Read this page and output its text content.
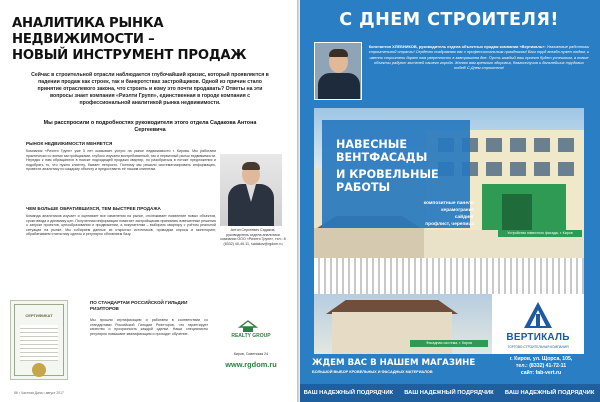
АНАЛИТИКА РЫНКА НЕДВИЖИМОСТИ –
НОВЫЙ ИНСТРУМЕНТ ПРОДАЖ
Сейчас в строительной отрасли наблюдается глубочайший кризис, который проявляется в падении продаж как строек, так и банкротствах застройщиков. Одной из причин стало принятие отраслевого закона, что строить и кому это почти продавать? Ответы на эти вопросы знает компания «Риэлти Групп», единственная в городе компания с профессиональной аналитикой рынка недвижимости.
Мы расспросили о подробностях руководителя этого отдела Садакова Антона Сергеевича
РЫНОК НЕДВИЖИМОСТИ МЕНЯЕТСЯ
Компания «Риэлти Групп» уже 5 лет оказывает услуги на рынке недвижимости г. Кирова. Мы работаем практически со всеми застройщиками, глубоко изучаем востребованный, так и первичный рынок недвижимости. Нередко к нам обращаются в поиске подходящей продажи квартир, но разобраться в потоке предложения и подобрать то, что нужно клиенту, бывает непросто. Поэтому мы решили систематизировать информацию, провести аналитику по каждому объекту и предоставить её нашим клиентам.
Антон Сергеевич Садаков, руководитель отдела аналитики компании ООО «Риэлти Групп», тел.: 8 (8332) 40-40-11, sadakov@rgdom.ru
ЧЕМ БОЛЬШЕ ОБРАТИВШИХСЯ, ТЕМ БЫСТРЕЕ ПРОДАЖА
Команда аналитиков изучает и оценивает все изменения на рынке, отслеживает появление новых объектов, сроки ввода и динамику цен. Полученная информация помогает застройщикам принимать взвешенные решения о запуске проектов, ценообразовании и продвижении, а покупателям – выбирать квартиру с учётом реальной ситуации на рынке. Мы собираем данные из открытых источников, проводим опросы и мониторинг, обрабатываем статистику сделок и регулярно обновляем базу.
ПО СТАНДАРТАМ РОССИЙСКОЙ ГИЛЬДИИ РИЭЛТОРОВ
Мы прошли сертификацию и работаем в соответствии со стандартами Российской Гильдии Риэлторов, что гарантирует качество и прозрачность каждой сделки. Наши специалисты регулярно повышают квалификацию и проходят обучение.
СЕРТИФИКАТ
REALTY GROUP
Киров, Советская 24
www.rgdom.ru
56 • Частная Дача • август 2017
С ДНЕМ СТРОИТЕЛЯ!
Константин ХЛЕБНИКОВ, руководитель отдела объектных продаж компании «Вертикаль»: Уважаемые работники строительной отрасли! Сердечно поздравляю вас с профессиональным праздником! Ваш труд всегда нужен людям, и именно строители дарят нам уверенность в завтрашнем дне. Пусть каждый ваш проект будет успешным, а новые объекты радуют жителей нашего города. Желаю вам крепкого здоровья, благополучия и дальнейших трудовых побед! С Днем строителя!
НАВЕСНЫЕ
ВЕНТФАСАДЫ
И КРОВЕЛЬНЫЕ
РАБОТЫ
композитные панели
керамогранит
сайдинг
профлист, черепица
Устройство навесного фасада, г. Киров
Фасадная система, г. Киров	ВЕРТИКАЛЬ
ТОРГОВО-СТРОИТЕЛЬНАЯ КОМПАНИЯ
ЖДЕМ ВАС В НАШЕМ МАГАЗИНЕ
БОЛЬШОЙ ВЫБОР КРОВЕЛЬНЫХ И ФАСАДНЫХ МАТЕРИАЛОВ
г. Киров, ул. Щорса, 105,
тел.: (8332) 41-72-11
сайт: fab-vert.ru
ВАШ НАДЕЖНЫЙ ПОДРЯДЧИК ВАШ НАДЕЖНЫЙ ПОДРЯДЧИК ВАШ НАДЕЖНЫЙ ПОДРЯДЧИК
